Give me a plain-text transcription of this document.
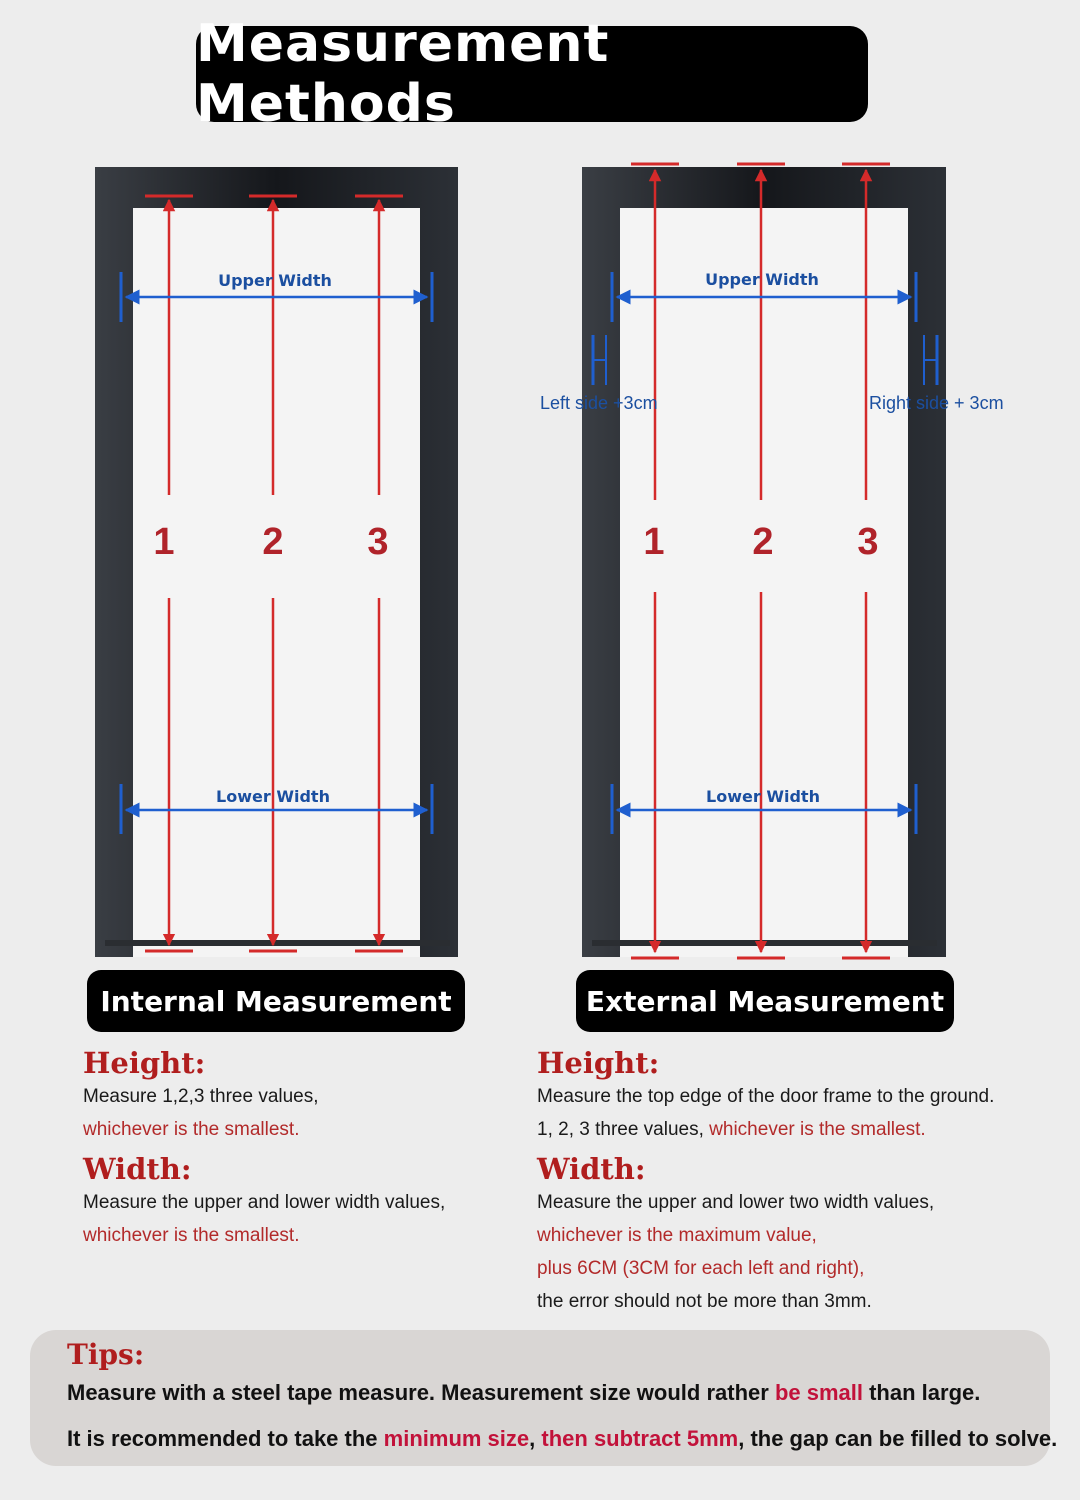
Measurement Methods
Upper Width
Lower Width
1 2 3
Upper Width
Lower Width
Left side +3cm	Right side + 3cm
1 2 3
Internal Measurement	External Measurement

Height:

Measure 1,2,3 three values,

whichever is the smallest.

Width:

Measure the upper and lower width values,

whichever is the smallest.

Height:

Measure the top edge of the door frame to the ground.

1, 2, 3 three values, whichever is the smallest.

Width:

Measure the upper and lower two width values,

whichever is the maximum value,

plus 6CM (3CM for each left and right),

the error should not be more than 3mm.

Tips:
Measure with a steel tape measure. Measurement size would rather be small than large.
It is recommended to take the minimum size, then subtract 5mm, the gap can be filled to solve.
